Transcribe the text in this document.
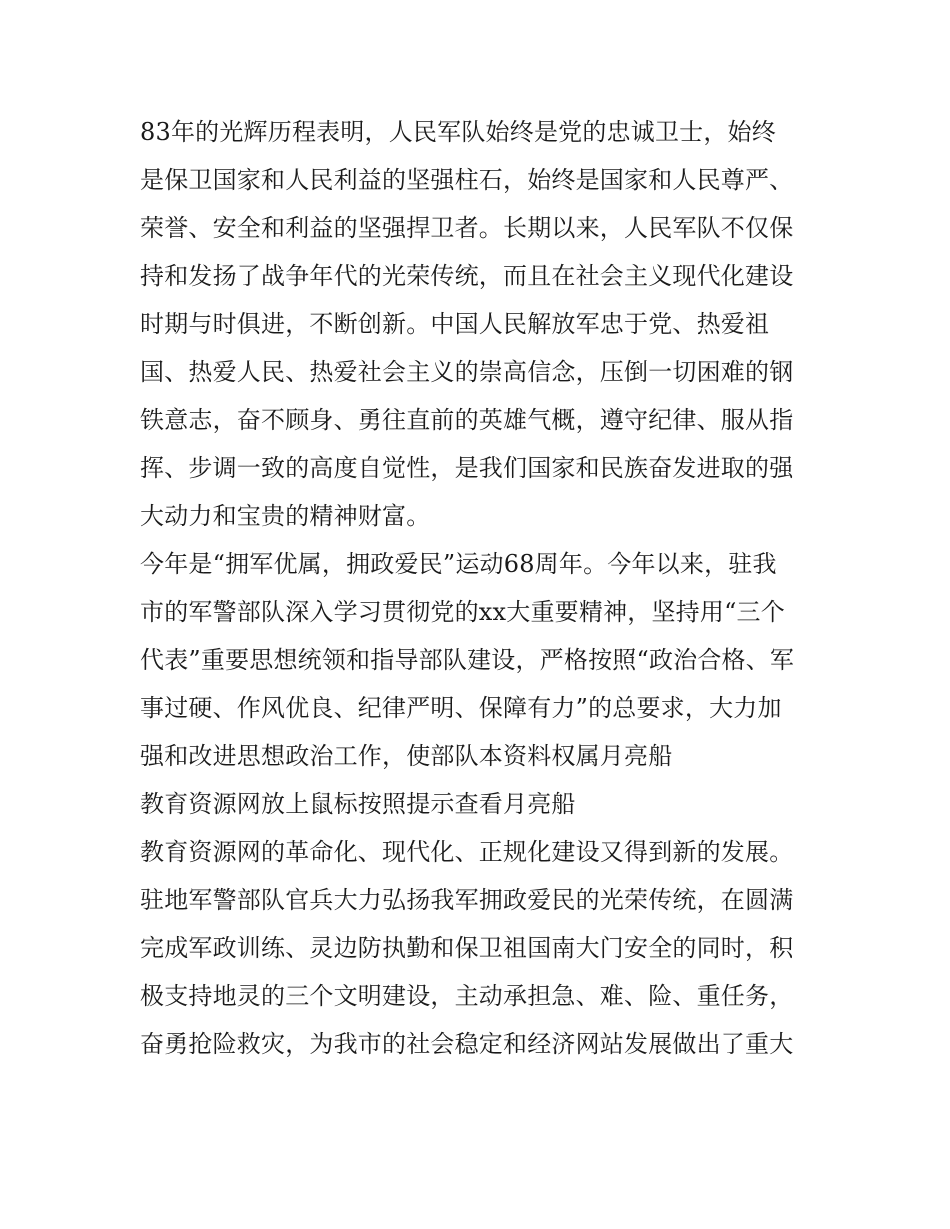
83年的光辉历程表明，人民军队始终是党的忠诚卫士，始终
是保卫国家和人民利益的坚强柱石，始终是国家和人民尊严、
荣誉、安全和利益的坚强捍卫者。长期以来，人民军队不仅保
持和发扬了战争年代的光荣传统，而且在社会主义现代化建设
时期与时俱进，不断创新。中国人民解放军忠于党、热爱祖
国、热爱人民、热爱社会主义的崇高信念，压倒一切困难的钢
铁意志，奋不顾身、勇往直前的英雄气概，遵守纪律、服从指
挥、步调一致的高度自觉性，是我们国家和民族奋发进取的强
大动力和宝贵的精神财富。
今年是“拥军优属，拥政爱民”运动68周年。今年以来，驻我
市的军警部队深入学习贯彻党的xx大重要精神，坚持用“三个
代表”重要思想统领和指导部队建设，严格按照“政治合格、军
事过硬、作风优良、纪律严明、保障有力”的总要求，大力加
强和改进思想政治工作，使部队本资料权属月亮船
教育资源网放上鼠标按照提示查看月亮船
教育资源网的革命化、现代化、正规化建设又得到新的发展。
驻地军警部队官兵大力弘扬我军拥政爱民的光荣传统，在圆满
完成军政训练、灵边防执勤和保卫祖国南大门安全的同时，积
极支持地灵的三个文明建设，主动承担急、难、险、重任务，
奋勇抢险救灾，为我市的社会稳定和经济网站发展做出了重大
